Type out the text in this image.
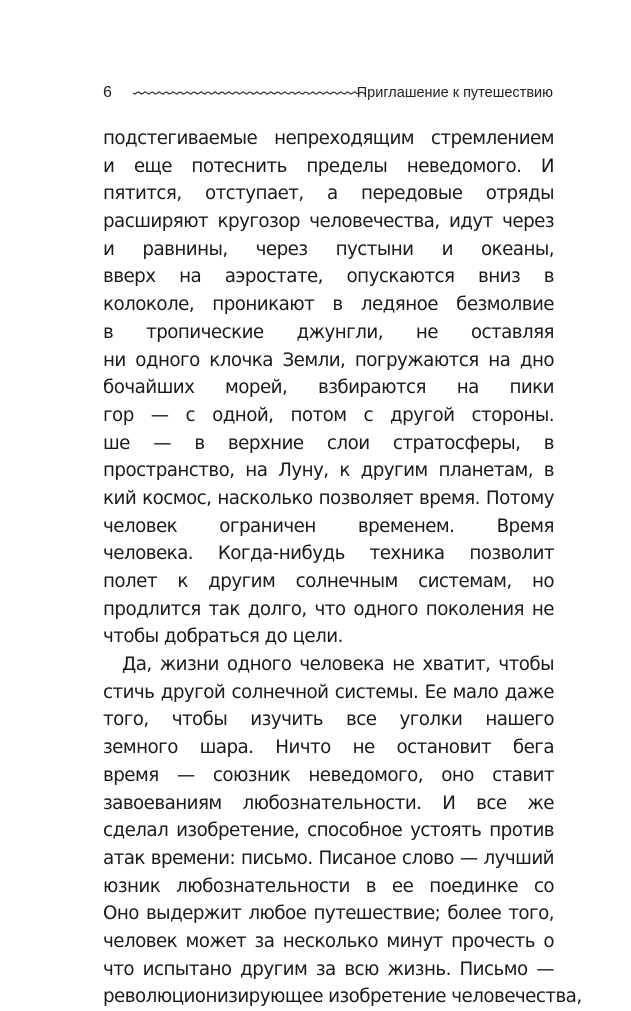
6	Приглашение к путешествию
подстегиваемые непреходящим стремлением
и еще потеснить пределы неведомого. И
пятится, отступает, а передовые отряды
расширяют кругозор человечества, идут через
и равнины, через пустыни и океаны,
вверх на аэростате, опускаются вниз в
колоколе, проникают в ледяное безмолвие
в тропические джунгли, не оставляя
ни одного клочка Земли, погружаются на дно
бочайших морей, взбираются на пики
гор — с одной, потом с другой стороны.
ше — в верхние слои стратосферы, в
пространство, на Луну, к другим планетам, в
кий космос, насколько позволяет время. Потому
человек ограничен временем. Время
человека. Когда-нибудь техника позволит
полет к другим солнечным системам, но
продлится так долго, что одного поколения не
чтобы добраться до цели.
Да, жизни одного человека не хватит, чтобы
стичь другой солнечной системы. Ее мало даже
того, чтобы изучить все уголки нашего
земного шара. Ничто не остановит бега
время — союзник неведомого, оно ставит
завоеваниям любознательности. И все же
сделал изобретение, способное устоять против
атак времени: письмо. Писаное слово — лучший
юзник любознательности в ее поединке со
Оно выдержит любое путешествие; более того,
человек может за несколько минут прочесть о
что испытано другим за всю жизнь. Письмо —
революционизирующее изобретение человечества,
